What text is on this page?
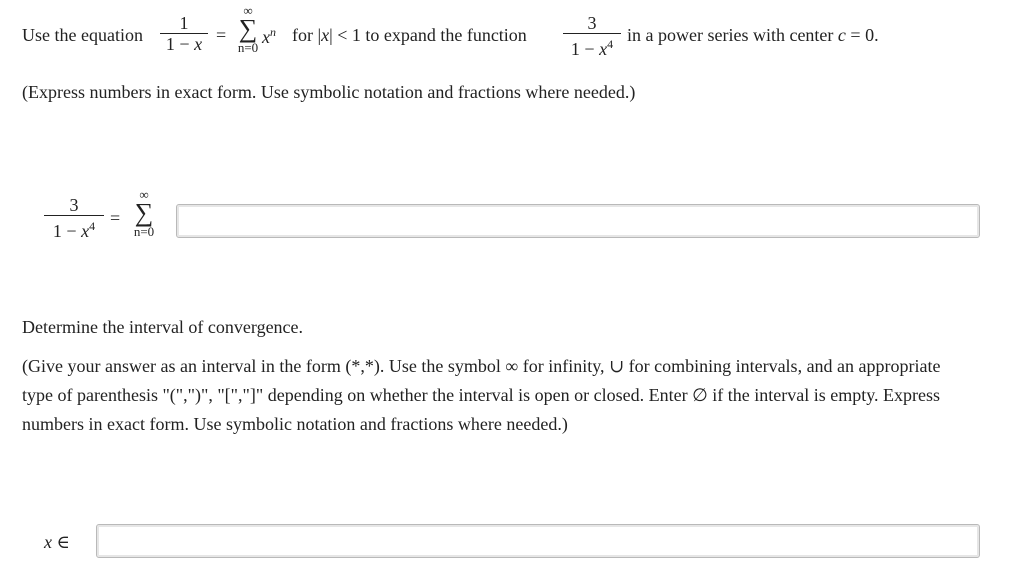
Use the equation
1
1 − x =
∞
∑
n=0
$x^n$ for |x| < 1 to expand the function
3
$1 - x^4$ in a power series with center c = 0.
(Express numbers in exact form. Use symbolic notation and fractions where needed.)
3
$1 - x^4$ =
∞
∑
n=0
Determine the interval of convergence.
(Give your answer as an interval in the form (*,*). Use the symbol ∞ for infinity, ∪ for combining intervals, and an appropriate
type of parenthesis "(",")", "[","]" depending on whether the interval is open or closed. Enter ∅ if the interval is empty. Express
numbers in exact form. Use symbolic notation and fractions where needed.)
x ∈
